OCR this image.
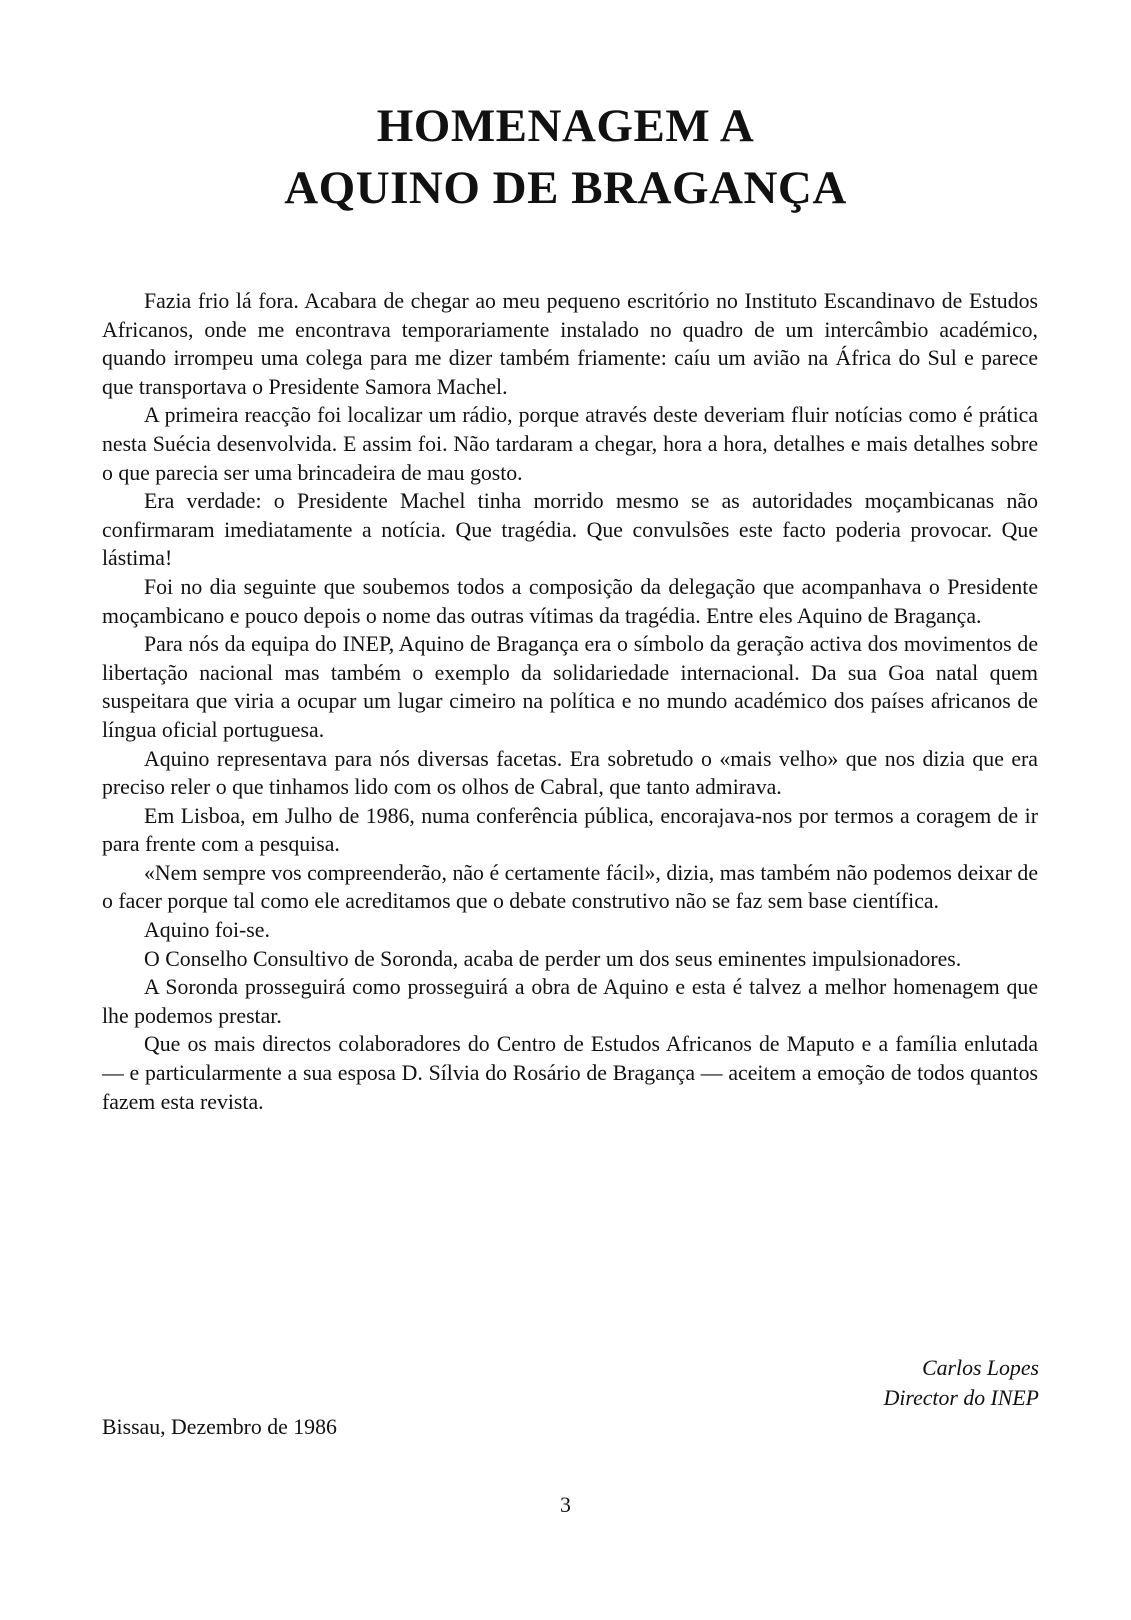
HOMENAGEM A
AQUINO DE BRAGANÇA

Fazia frio lá fora. Acabara de chegar ao meu pequeno escritório no Instituto Escandinavo de Estudos Africanos, onde me encontrava temporariamente instalado no quadro de um intercâmbio académico, quando irrompeu uma colega para me dizer também friamente: caíu um avião na África do Sul e parece que transportava o Presidente Samora Machel.

A primeira reacção foi localizar um rádio, porque através deste deveriam fluir notícias como é prática nesta Suécia desenvolvida. E assim foi. Não tardaram a chegar, hora a hora, detalhes e mais detalhes sobre o que parecia ser uma brincadeira de mau gosto.

Era verdade: o Presidente Machel tinha morrido mesmo se as autoridades moçambicanas não confirmaram imediatamente a notícia. Que tragédia. Que convulsões este facto poderia provocar. Que lástima!

Foi no dia seguinte que soubemos todos a composição da delegação que acompanhava o Presidente moçambicano e pouco depois o nome das outras vítimas da tragédia. Entre eles Aquino de Bragança.

Para nós da equipa do INEP, Aquino de Bragança era o símbolo da geração activa dos movimentos de libertação nacional mas também o exemplo da solidariedade internacional. Da sua Goa natal quem suspeitara que viria a ocupar um lugar cimeiro na política e no mundo académico dos países africanos de língua oficial portuguesa.

Aquino representava para nós diversas facetas. Era sobretudo o «mais velho» que nos dizia que era preciso reler o que tinhamos lido com os olhos de Cabral, que tanto admirava.

Em Lisboa, em Julho de 1986, numa conferência pública, encorajava-nos por termos a coragem de ir para frente com a pesquisa.

«Nem sempre vos compreenderão, não é certamente fácil», dizia, mas também não podemos deixar de o facer porque tal como ele acreditamos que o debate construtivo não se faz sem base científica.

Aquino foi-se.

O Conselho Consultivo de Soronda, acaba de perder um dos seus eminentes impulsionadores.

A Soronda prosseguirá como prosseguirá a obra de Aquino e esta é talvez a melhor homenagem que lhe podemos prestar.

Que os mais directos colaboradores do Centro de Estudos Africanos de Maputo e a família enlutada — e particularmente a sua esposa D. Sílvia do Rosário de Bragança — aceitem a emoção de todos quantos fazem esta revista.

Carlos Lopes
Director do INEP
Bissau, Dezembro de 1986
3
